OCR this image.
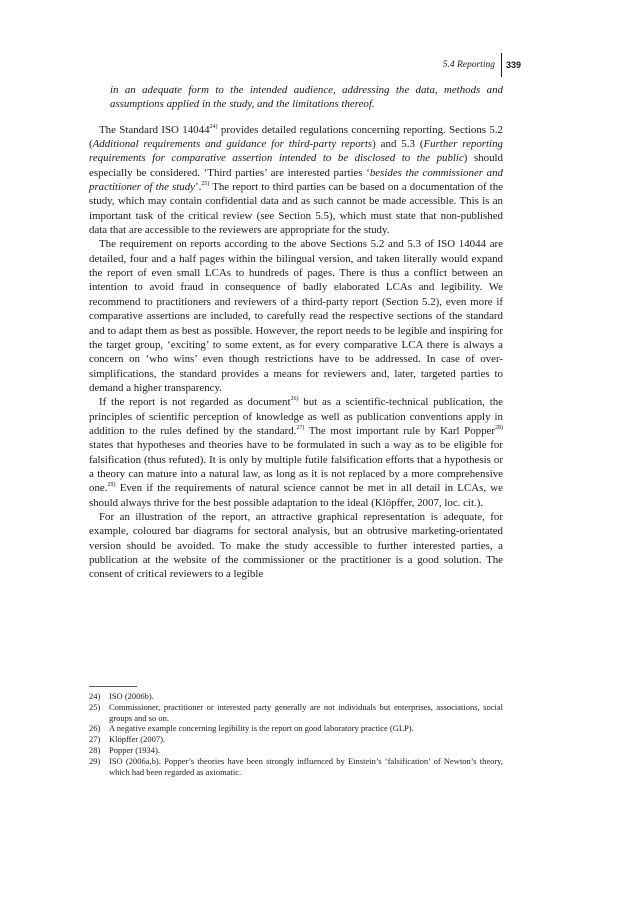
5.4 Reporting 339

in an adequate form to the intended audience, addressing the data, methods and assumptions applied in the study, and the limitations thereof.

The Standard ISO 14044$^{24)}$ provides detailed regulations concerning reporting. Sections 5.2 (Additional requirements and guidance for third-party reports) and 5.3 (Further reporting requirements for comparative assertion intended to be disclosed to the public) should especially be considered. ‘Third parties’ are interested parties ‘besides the commissioner and practitioner of the study’.$^{25)}$ The report to third parties can be based on a documentation of the study, which may contain confidential data and as such cannot be made accessible. This is an important task of the critical review (see Section 5.5), which must state that non-published data that are accessible to the reviewers are appropriate for the study.

The requirement on reports according to the above Sections 5.2 and 5.3 of ISO 14044 are detailed, four and a half pages within the bilingual version, and taken literally would expand the report of even small LCAs to hundreds of pages. There is thus a conflict between an intention to avoid fraud in consequence of badly elaborated LCAs and legibility. We recommend to practitioners and reviewers of a third-party report (Section 5.2), even more if comparative assertions are included, to carefully read the respective sections of the standard and to adapt them as best as possible. However, the report needs to be legible and inspiring for the target group, ‘exciting’ to some extent, as for every comparative LCA there is always a concern on ‘who wins’ even though restrictions have to be addressed. In case of over-simplifications, the standard provides a means for reviewers and, later, targeted parties to demand a higher transparency.

If the report is not regarded as document$^{26)}$ but as a scientific-technical publication, the principles of scientific perception of knowledge as well as publication conventions apply in addition to the rules defined by the standard.$^{27)}$ The most important rule by Karl Popper$^{28)}$ states that hypotheses and theories have to be formulated in such a way as to be eligible for falsification (thus refuted). It is only by multiple futile falsification efforts that a hypothesis or a theory can mature into a natural law, as long as it is not replaced by a more comprehensive one.$^{29)}$ Even if the requirements of natural science cannot be met in all detail in LCAs, we should always thrive for the best possible adaptation to the ideal (Klöpffer, 2007, loc. cit.).

For an illustration of the report, an attractive graphical representation is adequate, for example, coloured bar diagrams for sectoral analysis, but an obtrusive marketing-orientated version should be avoided. To make the study accessible to further interested parties, a publication at the website of the commissioner or the practitioner is a good solution. The consent of critical reviewers to a legible

24)	ISO (2006b).
25)	Commissioner, practitioner or interested party generally are not individuals but enterprises, associations, social groups and so on.
26)	A negative example concerning legibility is the report on good laboratory practice (GLP).
27)	Klöpffer (2007).
28)	Popper (1934).
29)	ISO (2006a,b). Popper’s theories have been strongly influenced by Einstein’s ‘falsification’ of Newton’s theory, which had been regarded as axiomatic.
